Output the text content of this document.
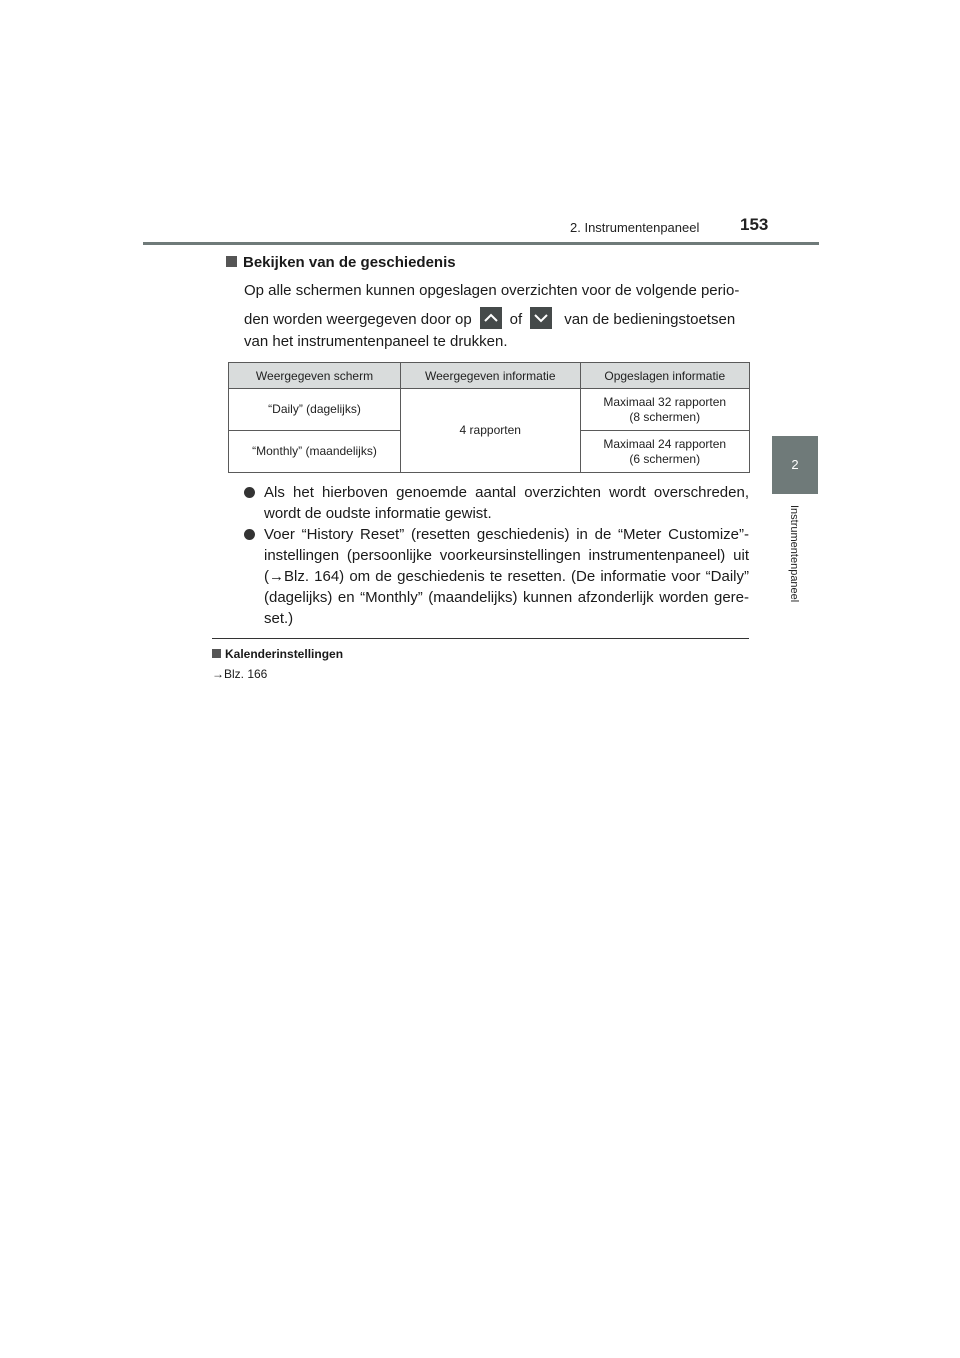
2. Instrumentenpaneel 153
2
Instrumentenpaneel
Bekijken van de geschiedenis
Op alle schermen kunnen opgeslagen overzichten voor de volgende perio-
den worden weergegeven door op	of	van de bedieningstoetsen
van het instrumentenpaneel te drukken.
Weergegeven scherm	Weergegeven informatie	Opgeslagen informatie
“Daily” (dagelijks)	4 rapporten	Maximaal 32 rapporten
(8 schermen)

“Monthly” (maandelijks)		Maximaal 24 rapporten
(6 schermen)
Als het hierboven genoemde aantal overzichten wordt overschreden, wordt de oudste informatie gewist.
Voer “History Reset” (resetten geschiedenis) in de “Meter Customize”-instellingen (persoonlijke voorkeursinstellingen instrumentenpaneel) uit (→Blz. 164) om de geschiedenis te resetten. (De informatie voor “Daily” (dagelijks) en “Monthly” (maandelijks) kunnen afzonderlijk worden gere-set.)
Kalenderinstellingen
→Blz. 166
